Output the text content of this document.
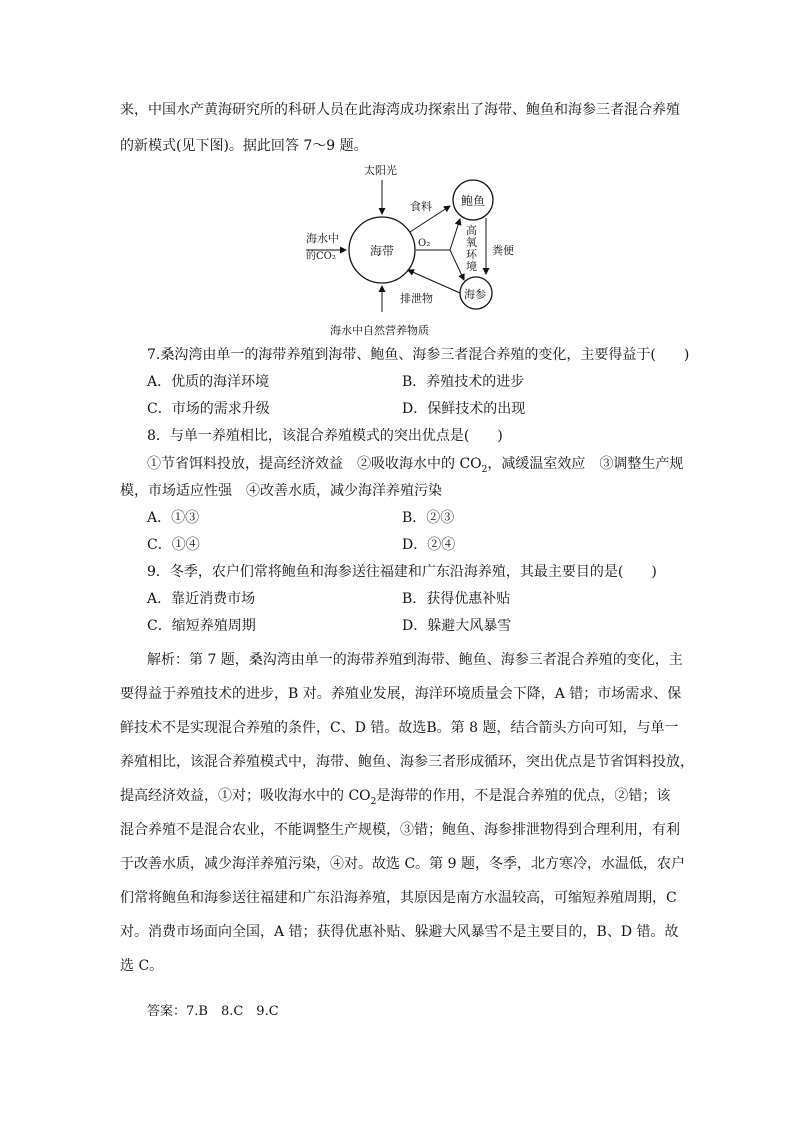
来，中国水产黄海研究所的科研人员在此海湾成功探索出了海带、鲍鱼和海参三者混合养殖
的新模式(见下图)。据此回答 7～9 题。
太阳光
海水中
的CO₂	海带
鲍鱼
海参
食料
O₂
高
氧
环
境
粪便
排泄物
海水中自然营养物质
7.桑沟湾由单一的海带养殖到海带、鲍鱼、海参三者混合养殖的变化，主要得益于(　　)
A．优质的海洋环境	B．养殖技术的进步
C．市场的需求升级	D．保鲜技术的出现
8．与单一养殖相比，该混合养殖模式的突出优点是(　　)
①节省饵料投放，提高经济效益　②吸收海水中的 $CO_2$，减缓温室效应　③调整生产规
模，市场适应性强　④改善水质，减少海洋养殖污染
A．①③	B．②③
C．①④	D．②④
9．冬季，农户们常将鲍鱼和海参送往福建和广东沿海养殖，其最主要目的是(　　)
A．靠近消费市场	B．获得优惠补贴
C．缩短养殖周期	D．躲避大风暴雪
解析：第 7 题，桑沟湾由单一的海带养殖到海带、鲍鱼、海参三者混合养殖的变化，主
要得益于养殖技术的进步，B 对。养殖业发展，海洋环境质量会下降，A 错；市场需求、保
鲜技术不是实现混合养殖的条件，C、D 错。故选B。第 8 题，结合箭头方向可知，与单一
养殖相比，该混合养殖模式中，海带、鲍鱼、海参三者形成循环，突出优点是节省饵料投放，
提高经济效益，①对；吸收海水中的 $CO_2$是海带的作用，不是混合养殖的优点，②错；该
混合养殖不是混合农业，不能调整生产规模，③错；鲍鱼、海参排泄物得到合理利用，有利
于改善水质，减少海洋养殖污染，④对。故选 C。第 9 题，冬季，北方寒冷，水温低，农户
们常将鲍鱼和海参送往福建和广东沿海养殖，其原因是南方水温较高，可缩短养殖周期，C
对。消费市场面向全国，A 错；获得优惠补贴、躲避大风暴雪不是主要目的，B、D 错。故
选 C。
答案：7.B　8.C　9.C
